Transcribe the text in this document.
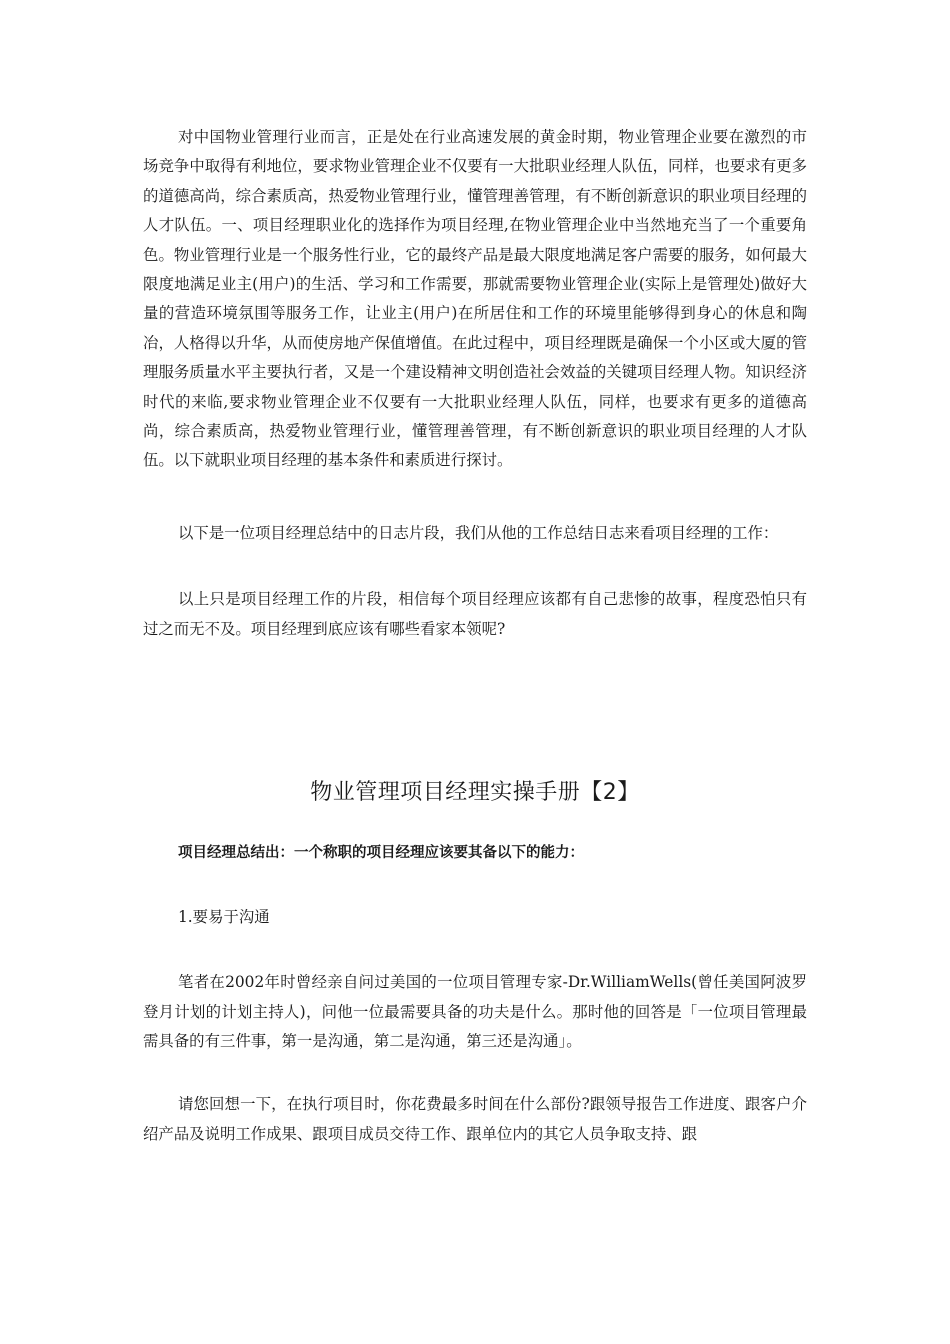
对中国物业管理行业而言，正是处在行业高速发展的黄金时期，物业管理企业要在激烈的市场竞争中取得有利地位，要求物业管理企业不仅要有一大批职业经理人队伍，同样，也要求有更多的道德高尚，综合素质高，热爱物业管理行业，懂管理善管理，有不断创新意识的职业项目经理的人才队伍。一、项目经理职业化的选择作为项目经理,在物业管理企业中当然地充当了一个重要角色。物业管理行业是一个服务性行业，它的最终产品是最大限度地满足客户需要的服务，如何最大限度地满足业主(用户)的生活、学习和工作需要，那就需要物业管理企业(实际上是管理处)做好大量的营造环境氛围等服务工作，让业主(用户)在所居住和工作的环境里能够得到身心的休息和陶冶，人格得以升华，从而使房地产保值增值。在此过程中，项目经理既是确保一个小区或大厦的管理服务质量水平主要执行者，又是一个建设精神文明创造社会效益的关键项目经理人物。知识经济时代的来临,要求物业管理企业不仅要有一大批职业经理人队伍，同样，也要求有更多的道德高尚，综合素质高，热爱物业管理行业，懂管理善管理，有不断创新意识的职业项目经理的人才队伍。以下就职业项目经理的基本条件和素质进行探讨。

以下是一位项目经理总结中的日志片段，我们从他的工作总结日志来看项目经理的工作：

以上只是项目经理工作的片段，相信每个项目经理应该都有自己悲惨的故事，程度恐怕只有过之而无不及。项目经理到底应该有哪些看家本领呢?

物业管理项目经理实操手册【2】

项目经理总结出：一个称职的项目经理应该要其备以下的能力：

1.要易于沟通

笔者在2002年时曾经亲自问过美国的一位项目管理专家-Dr.WilliamWells(曾任美国阿波罗登月计划的计划主持人)，问他一位最需要具备的功夫是什么。那时他的回答是「一位项目管理最需具备的有三件事，第一是沟通，第二是沟通，第三还是沟通」。

请您回想一下，在执行项目时，你花费最多时间在什么部份?跟领导报告工作进度、跟客户介绍产品及说明工作成果、跟项目成员交待工作、跟单位内的其它人员争取支持、跟
